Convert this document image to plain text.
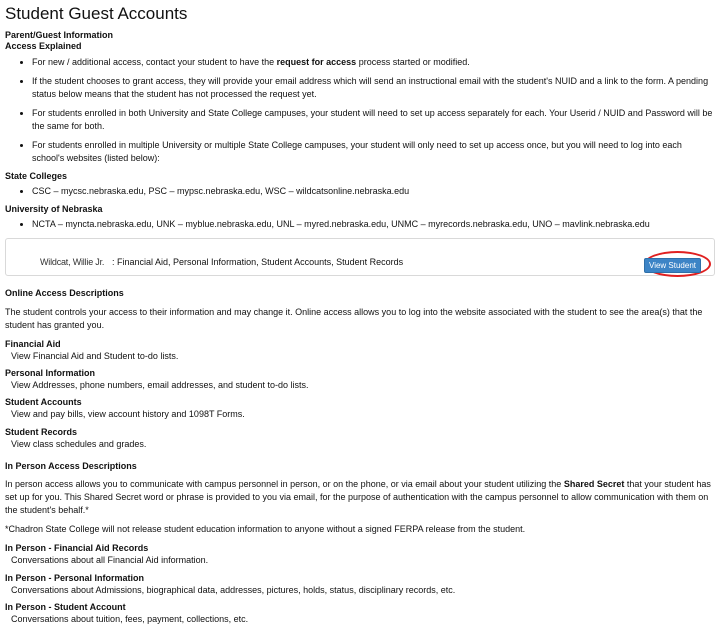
Student Guest Accounts
Parent/Guest Information
Access Explained
• For new / additional access, contact your student to have the request for access process started or modified.
• If the student chooses to grant access, they will provide your email address which will send an instructional email with the student's NUID and a link to the form. A pending status below means that the student has not processed the request yet.
• For students enrolled in both University and State College campuses, your student will need to set up access separately for each. Your Userid / NUID and Password will be the same for both.
• For students enrolled in multiple University or multiple State College campuses, your student will only need to set up access once, but you will need to log into each school's websites (listed below):
State Colleges
• CSC – mycsc.nebraska.edu, PSC – mypsc.nebraska.edu, WSC – wildcatsonline.nebraska.edu
University of Nebraska
• NCTA – myncta.nebraska.edu, UNK – myblue.nebraska.edu, UNL – myred.nebraska.edu, UNMC – myrecords.nebraska.edu, UNO – mavlink.nebraska.edu
Wildcat, Willie Jr. : Financial Aid, Personal Information, Student Accounts, Student Records	View Student
Online Access Descriptions

The student controls your access to their information and may change it. Online access allows you to log into the website associated with the student to see the area(s) that the student has granted you.

Financial Aid
View Financial Aid and Student to-do lists.
Personal Information
View Addresses, phone numbers, email addresses, and student to-do lists.
Student Accounts
View and pay bills, view account history and 1098T Forms.
Student Records
View class schedules and grades.
In Person Access Descriptions

In person access allows you to communicate with campus personnel in person, or on the phone, or via email about your student utilizing the Shared Secret that your student has set up for you. This Shared Secret word or phrase is provided to you via email, for the purpose of authentication with the campus personnel to allow communication with them on the student's behalf.*

*Chadron State College will not release student education information to anyone without a signed FERPA release from the student.

In Person - Financial Aid Records
Conversations about all Financial Aid information.
In Person - Personal Information
Conversations about Admissions, biographical data, addresses, pictures, holds, status, disciplinary records, etc.
In Person - Student Account
Conversations about tuition, fees, payment, collections, etc.
